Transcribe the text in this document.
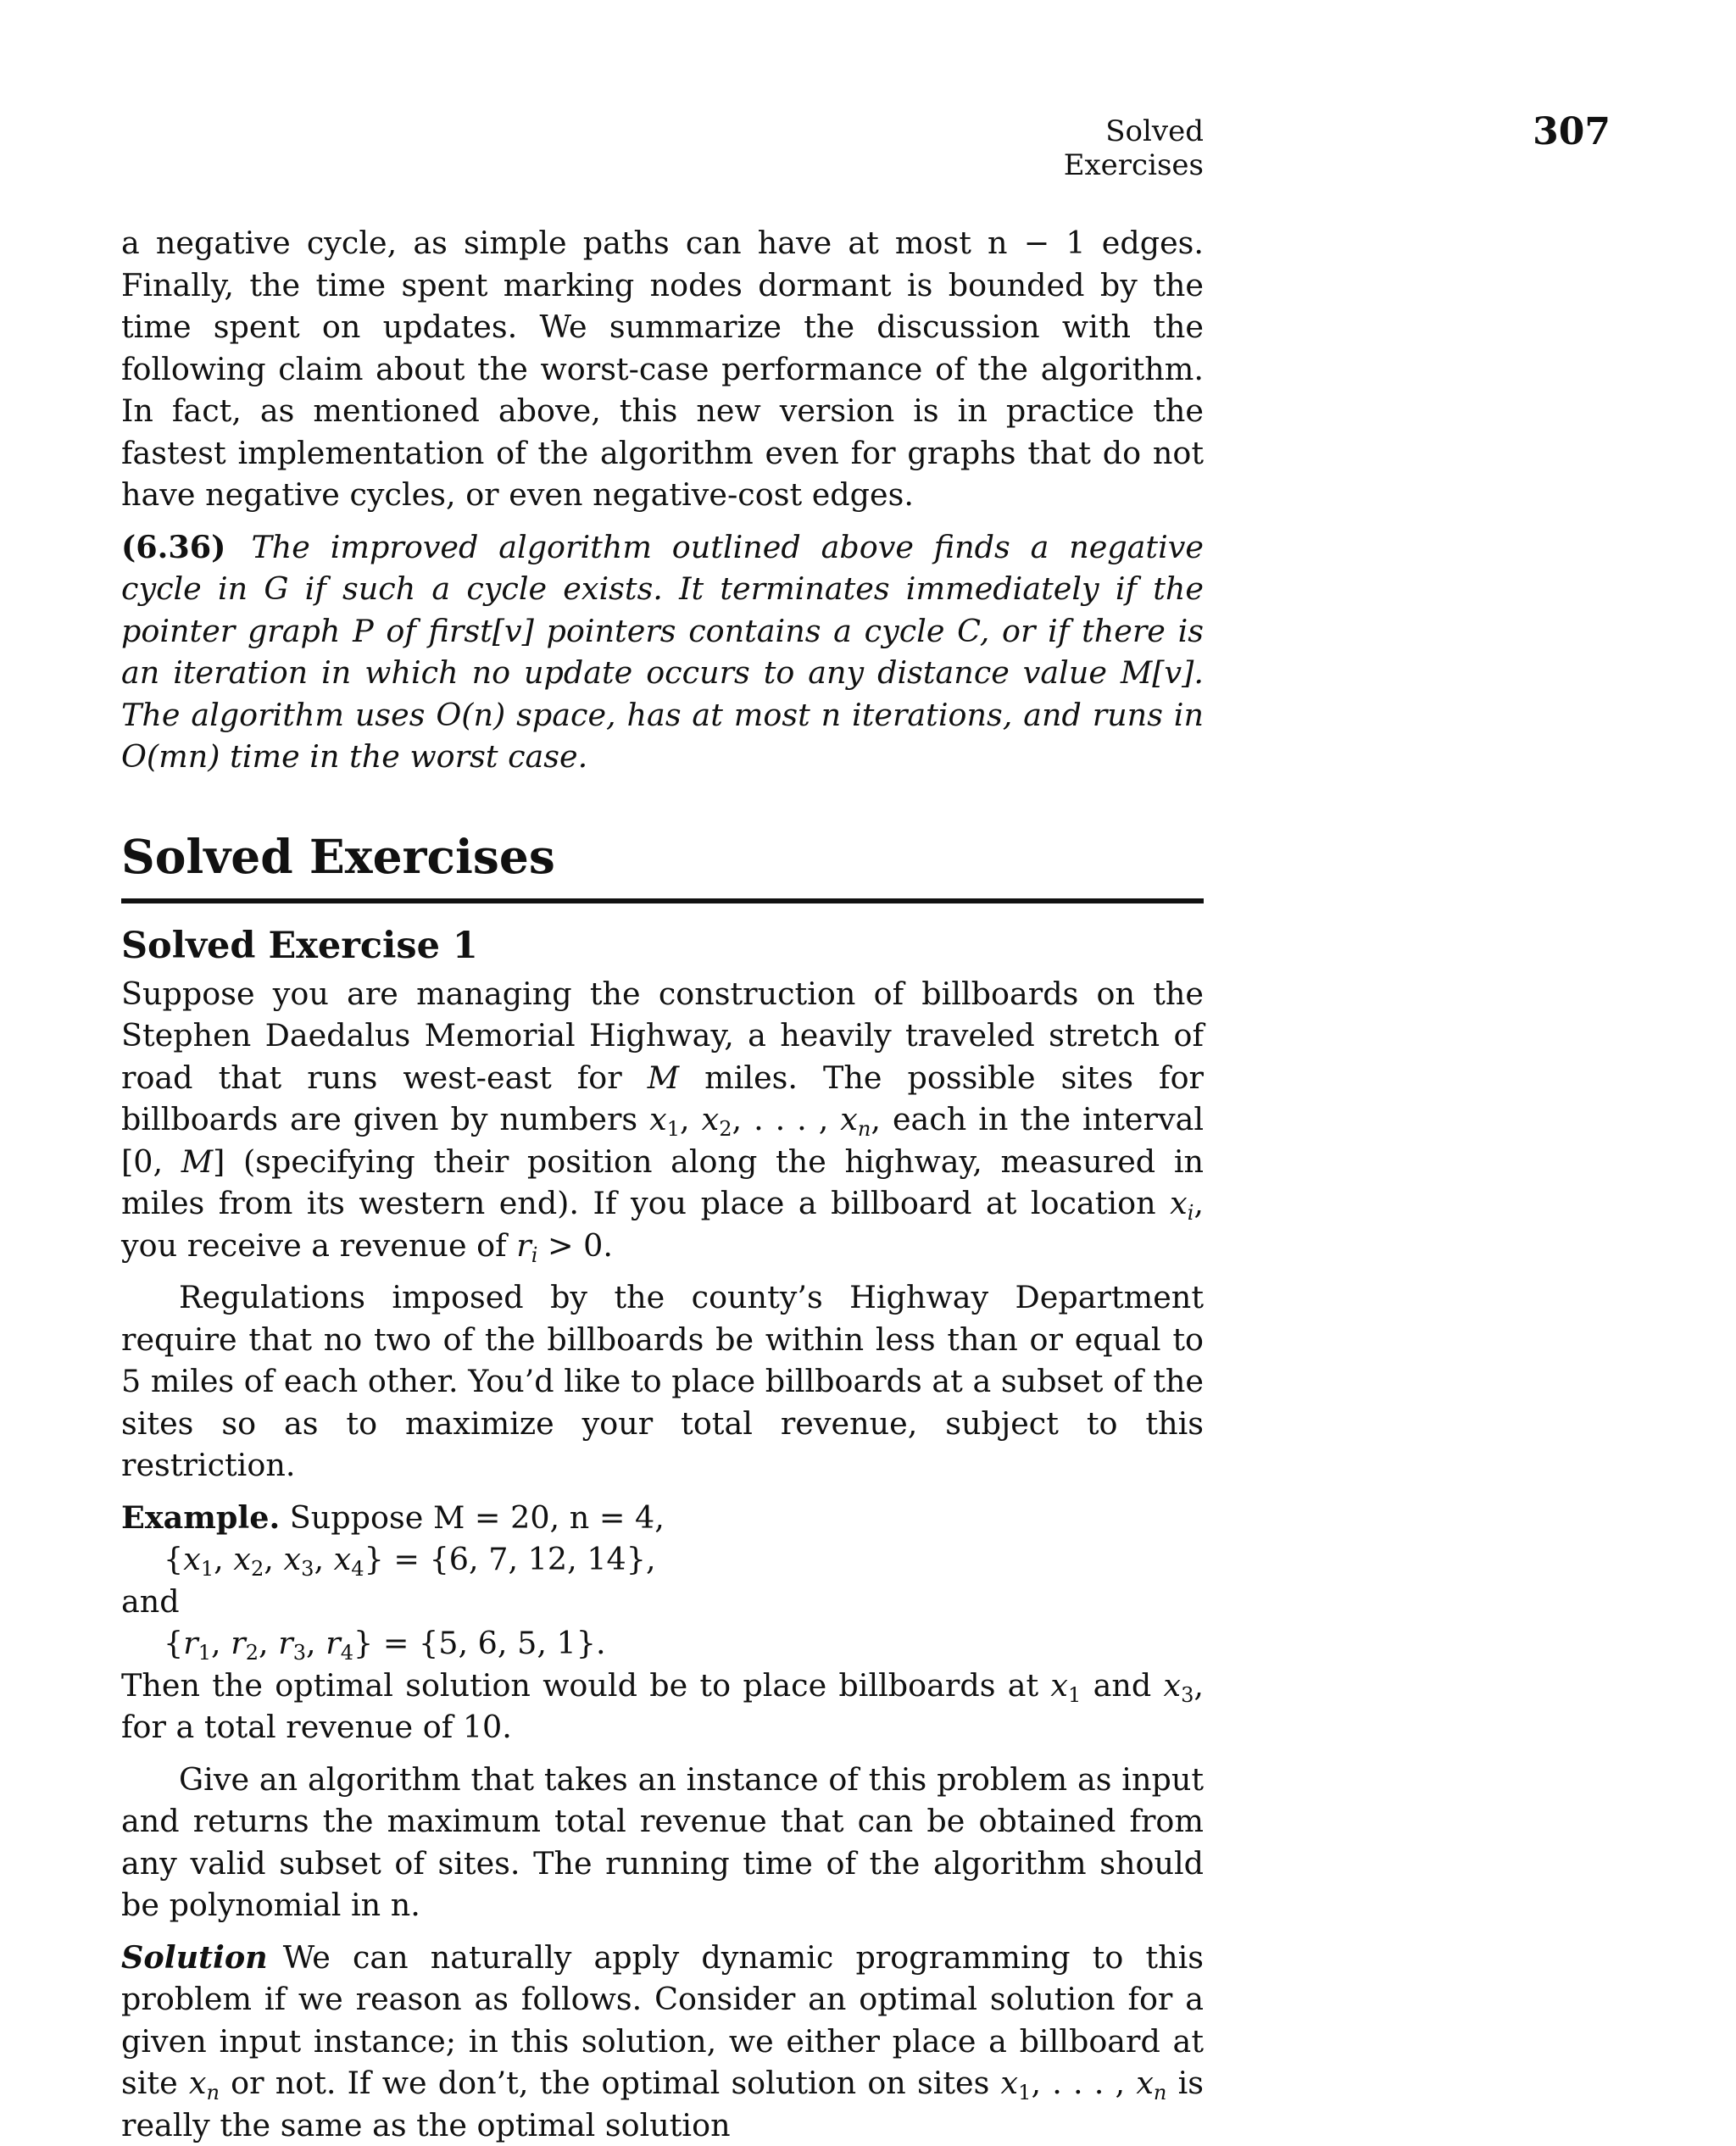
Solved Exercises
307

a negative cycle, as simple paths can have at most n − 1 edges. Finally, the time spent marking nodes dormant is bounded by the time spent on updates. We summarize the discussion with the following claim about the worst-case performance of the algorithm. In fact, as mentioned above, this new version is in practice the fastest implementation of the algorithm even for graphs that do not have negative cycles, or even negative-cost edges.

(6.36) The improved algorithm outlined above finds a negative cycle in G if such a cycle exists. It terminates immediately if the pointer graph P of first[v] pointers contains a cycle C, or if there is an iteration in which no update occurs to any distance value M[v]. The algorithm uses O(n) space, has at most n iterations, and runs in O(mn) time in the worst case.

Solved Exercises
Solved Exercise 1

Suppose you are managing the construction of billboards on the Stephen Daedalus Memorial Highway, a heavily traveled stretch of road that runs west-east for M miles. The possible sites for billboards are given by numbers $x_1$, $x_2$, . . . , $x_n$, each in the interval [0, M] (specifying their position along the highway, measured in miles from its western end). If you place a billboard at location $x_i$, you receive a revenue of $r_i > 0$.

Regulations imposed by the county’s Highway Department require that no two of the billboards be within less than or equal to 5 miles of each other. You’d like to place billboards at a subset of the sites so as to maximize your total revenue, subject to this restriction.

Example. Suppose M = 20, n = 4,

{$x_1$, $x_2$, $x_3$, $x_4\} = \{6$, 7, 12, 14},

and

{$r_1$, $r_2$, $r_3$, $r_4\} = \{5$, 6, 5, 1}.

Then the optimal solution would be to place billboards at $x_1$ and $x_3$, for a total revenue of 10.

Give an algorithm that takes an instance of this problem as input and returns the maximum total revenue that can be obtained from any valid subset of sites. The running time of the algorithm should be polynomial in n.

Solution We can naturally apply dynamic programming to this problem if we reason as follows. Consider an optimal solution for a given input instance; in this solution, we either place a billboard at site $x_n$ or not. If we don’t, the optimal solution on sites $x_1$, . . . , $x_n$ is really the same as the optimal solution
